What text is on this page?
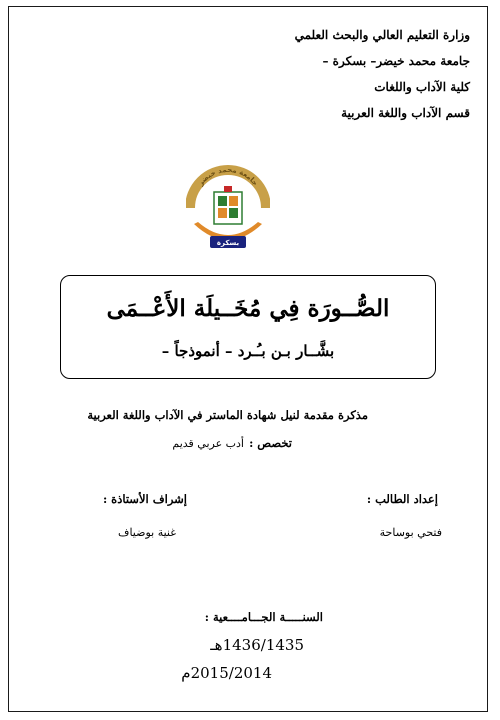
وزارة التعليم العالي والبحث العلمي
جامعة محمد خيضر– بسكرة –
كلية الآداب واللغات
قسم الآداب واللغة العربية
جامعة محمد خيضر
بسكرة
الصُّــورَة فِي مُخَــيلَة الأَعْــمَى
بشَّــار بـن بـُـرد – أنموذجاً –
مذكرة مقدمة لنيل شهادة الماستر في الآداب واللغة العربية
تخصص : أدب عربي قديم
إعداد الطالب :
فتحي بوساحة
إشراف الأستاذة :
غنية بوضياف
السنـــــة الجـــامــــعية :
1436/1435هـ
2015/2014م
